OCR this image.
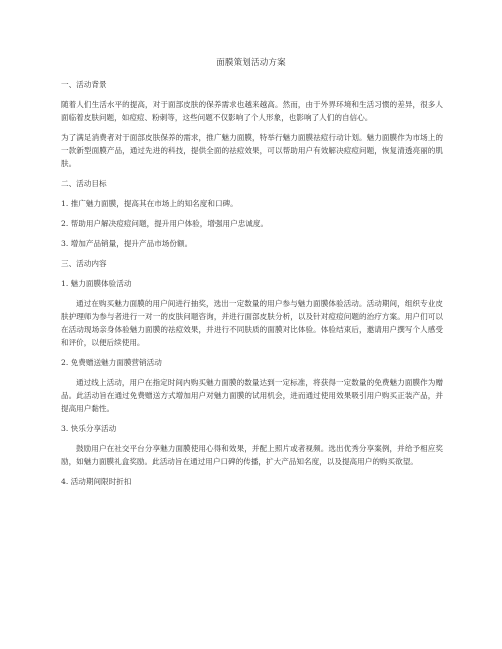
面膜策划活动方案
一、活动背景
随着人们生活水平的提高，对于面部皮肤的保养需求也越来越高。然而，由于外界环境和生活习惯的差异，很多人面临着皮肤问题，如痘痘、粉刺等，这些问题不仅影响了个人形象，也影响了人们的自信心。
为了满足消费者对于面部皮肤保养的需求，推广魅力面膜，特举行魅力面膜祛痘行动计划。魅力面膜作为市场上的一款新型面膜产品，通过先进的科技，提供全面的祛痘效果，可以帮助用户有效解决痘痘问题，恢复清透亮丽的肌肤。
二、活动目标
1. 推广魅力面膜，提高其在市场上的知名度和口碑。
2. 帮助用户解决痘痘问题，提升用户体验，增强用户忠诚度。
3. 增加产品销量，提升产品市场份额。
三、活动内容
1. 魅力面膜体验活动
通过在购买魅力面膜的用户间进行抽奖，选出一定数量的用户参与魅力面膜体验活动。活动期间，组织专业皮肤护理师为参与者进行一对一的皮肤问题咨询，并进行面部皮肤分析，以及针对痘痘问题的治疗方案。用户们可以在活动现场亲身体验魅力面膜的祛痘效果，并进行不同肤质的面膜对比体验。体验结束后，邀请用户撰写个人感受和评价，以便后续使用。
2. 免费赠送魅力面膜营销活动
通过线上活动，用户在指定时间内购买魅力面膜的数量达到一定标准，将获得一定数量的免费魅力面膜作为赠品。此活动旨在通过免费赠送方式增加用户对魅力面膜的试用机会，进而通过使用效果吸引用户购买正装产品，并提高用户黏性。
3. 快乐分享活动
鼓励用户在社交平台分享魅力面膜使用心得和效果，并配上照片或者视频。选出优秀分享案例，并给予相应奖励，如魅力面膜礼盒奖励。此活动旨在通过用户口碑的传播，扩大产品知名度，以及提高用户的购买欲望。
4. 活动期间限时折扣
